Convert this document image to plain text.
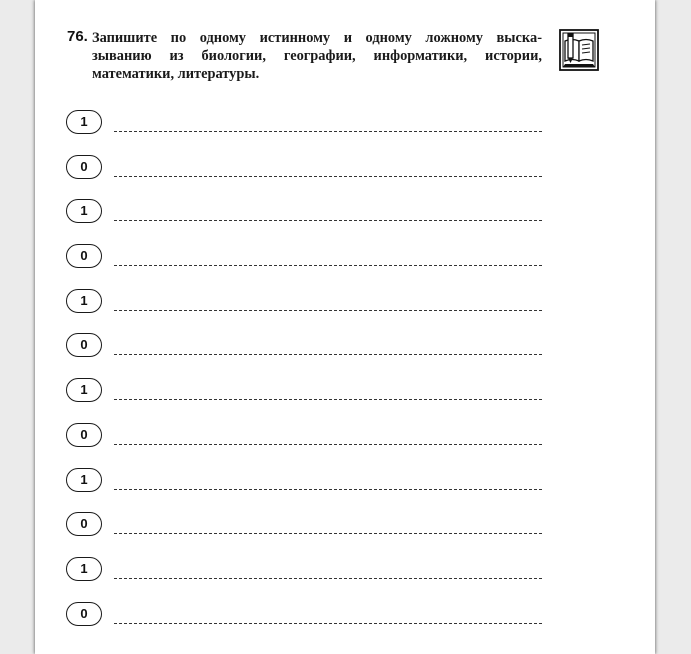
76. Запишите по одному истинному и одному ложному выска-
зыванию из биологии, географии, информатики, истории,
математики, литературы.
1
0
1
0
1
0
1
0
1
0
1
0
